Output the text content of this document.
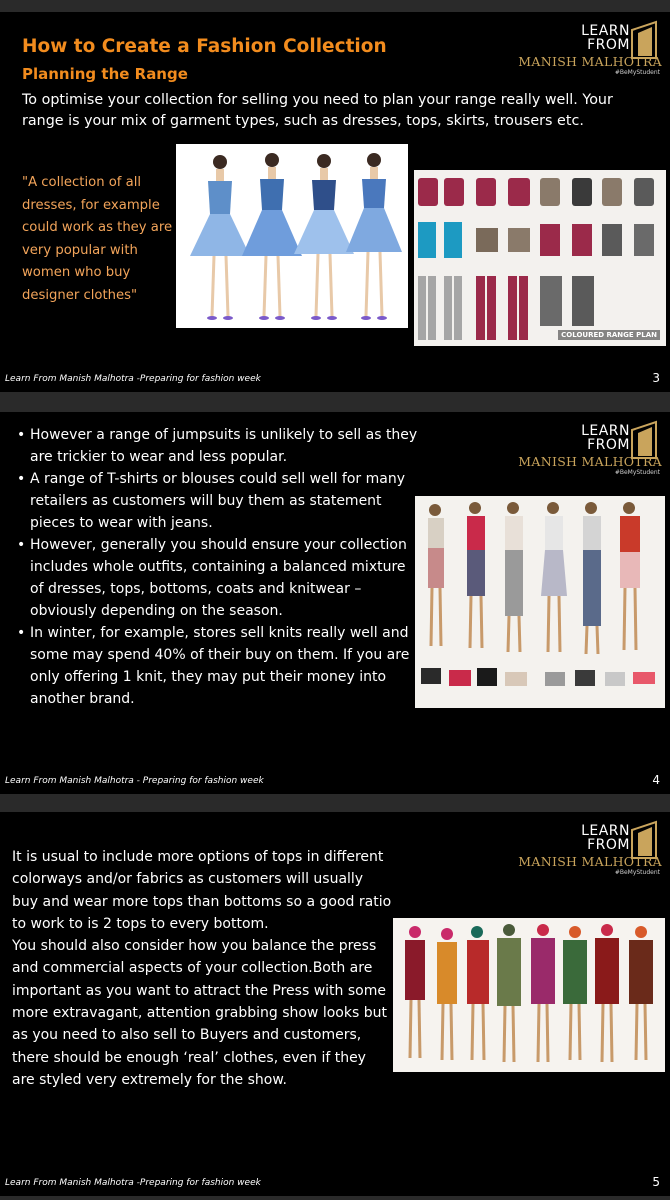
LEARN
FROM
MANISH MALHOTRA
#BeMyStudent
How to Create a Fashion Collection
Planning the Range
To optimise your collection for selling you need to plan your range really well. Your range is your mix of garment types, such as dresses, tops, skirts, trousers etc.
"A collection of all dresses, for example could work as they are very popular with women who buy designer clothes"
COLOURED RANGE PLAN
Learn From Manish Malhotra -Preparing for fashion week	3
LEARN
FROM
MANISH MALHOTRA
#BeMyStudent
• However a range of jumpsuits is unlikely to sell as they are trickier to wear and less popular.
• A range of T-shirts or blouses could sell well for many retailers as customers will buy them as statement pieces to wear with jeans.
• However, generally you should ensure your collection includes whole outfits, containing a balanced mixture of dresses, tops, bottoms, coats and knitwear – obviously depending on the season.
• In winter, for example, stores sell knits really well and some may spend 40% of their buy on them. If you are only offering 1 knit, they may put their money into another brand.
Learn From Manish Malhotra - Preparing for fashion week	4
LEARN
FROM
MANISH MALHOTRA
#BeMyStudent

It is usual to include more options of tops in different colorways and/or fabrics as customers will usually buy and wear more tops than bottoms so a good ratio to work to is 2 tops to every bottom.

You should also consider how you balance the press and commercial aspects of your collection.Both are important as you want to attract the Press with some more extravagant, attention grabbing show looks but as you need to also sell to Buyers and customers, there should be enough ‘real’ clothes, even if they are styled very extremely for the show.

Learn From Manish Malhotra -Preparing for fashion week	5
